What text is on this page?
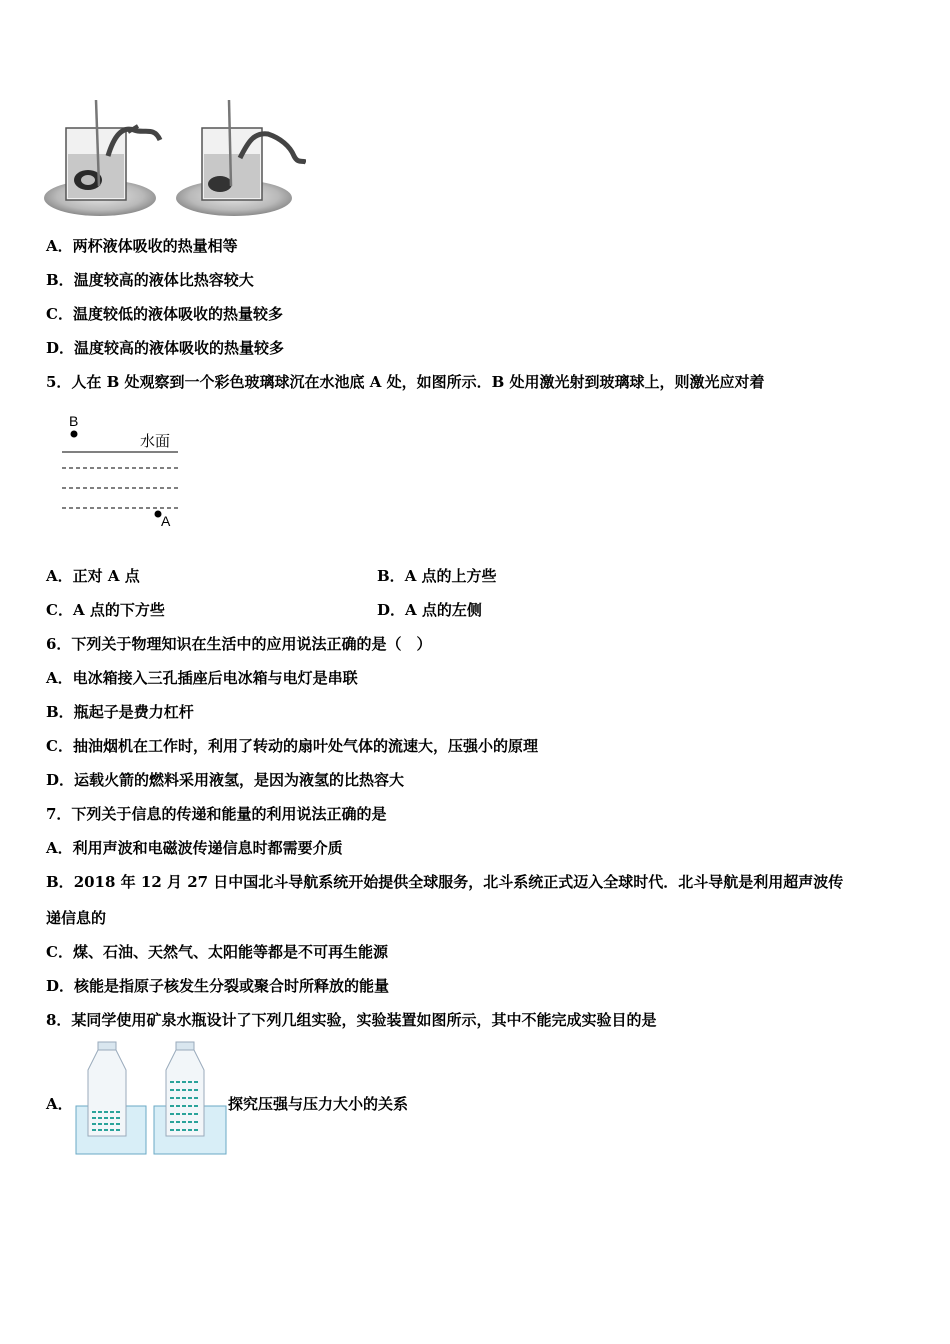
A．两杯液体吸收的热量相等
B．温度较高的液体比热容较大
C．温度较低的液体吸收的热量较多
D．温度较高的液体吸收的热量较多
5．人在 B 处观察到一个彩色玻璃球沉在水池底 A 处，如图所示．B 处用激光射到玻璃球上，则激光应对着
B
水面
A
A．正对 A 点	B．A 点的上方些
C．A 点的下方些	D．A 点的左侧
6．下列关于物理知识在生活中的应用说法正确的是（　）
A．电冰箱接入三孔插座后电冰箱与电灯是串联
B．瓶起子是费力杠杆
C．抽油烟机在工作时，利用了转动的扇叶处气体的流速大，压强小的原理
D．运载火箭的燃料采用液氢，是因为液氢的比热容大
7．下列关于信息的传递和能量的利用说法正确的是
A．利用声波和电磁波传递信息时都需要介质
B．2018 年 12 月 27 日中国北斗导航系统开始提供全球服务，北斗系统正式迈入全球时代．北斗导航是利用超声波传
递信息的
C．煤、石油、天然气、太阳能等都是不可再生能源
D．核能是指原子核发生分裂或聚合时所释放的能量
8．某同学使用矿泉水瓶设计了下列几组实验，实验装置如图所示，其中不能完成实验目的是
A．	探究压强与压力大小的关系
